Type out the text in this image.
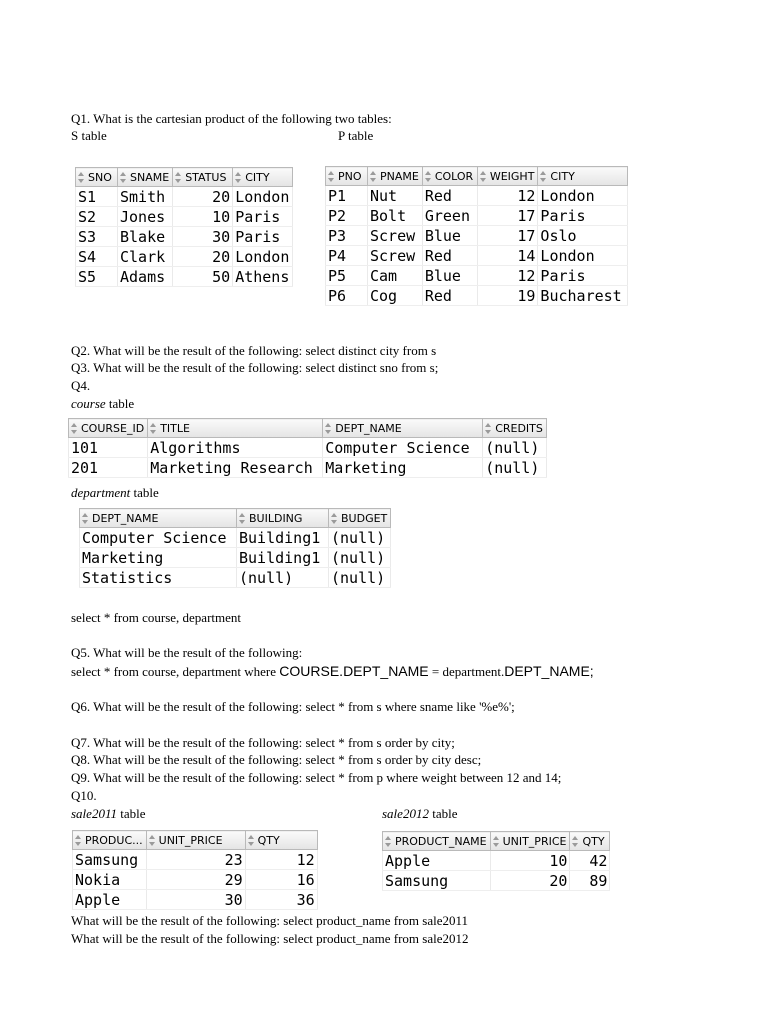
Q1. What is the cartesian product of the following two tables:
S table	P table
SNO	SNAME	STATUS	CITY
S1	Smith	20	London
S2	Jones	10	Paris
S3	Blake	30	Paris
S4	Clark	20	London
S5	Adams	50	Athens
PNO	PNAME	COLOR	WEIGHT	CITY
P1	Nut	Red	12	London
P2	Bolt	Green	17	Paris
P3	Screw	Blue	17	Oslo
P4	Screw	Red	14	London
P5	Cam	Blue	12	Paris
P6	Cog	Red	19	Bucharest
Q2. What will be the result of the following: select distinct city from s
Q3. What will be the result of the following: select distinct sno from s;
Q4.
course table
COURSE_ID	TITLE	DEPT_NAME	CREDITS
101	Algorithms	Computer Science	(null)
201	Marketing Research	Marketing	(null)
department table
DEPT_NAME	BUILDING	BUDGET
Computer Science	Building1	(null)
Marketing	Building1	(null)
Statistics	(null)	(null)
select * from course, department
Q5. What will be the result of the following:
select * from course, department where COURSE.DEPT_NAME = department.DEPT_NAME;
Q6. What will be the result of the following: select * from s where sname like '%e%';
Q7. What will be the result of the following: select * from s order by city;
Q8. What will be the result of the following: select * from s order by city desc;
Q9. What will be the result of the following: select * from p where weight between 12 and 14;
Q10.
sale2011 table	sale2012 table
PRODUC...	UNIT_PRICE	QTY
Samsung	23	12
Nokia	29	16
Apple	30	36
PRODUCT_NAME	UNIT_PRICE	QTY
Apple	10	42
Samsung	20	89
What will be the result of the following: select product_name from sale2011
What will be the result of the following: select product_name from sale2012
